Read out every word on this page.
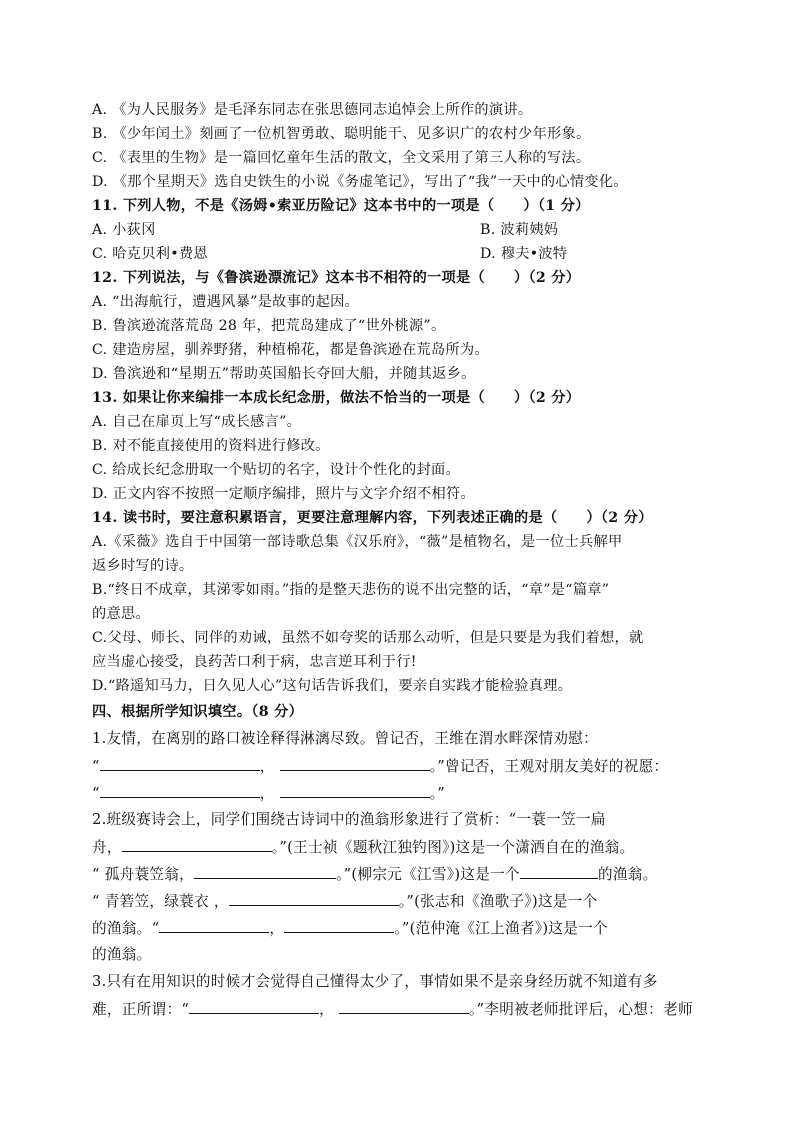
A. 《为人民服务》是毛泽东同志在张思德同志追悼会上所作的演讲。
B. 《少年闰土》刻画了一位机智勇敢、聪明能干、见多识广的农村少年形象。
C. 《表里的生物》是一篇回忆童年生活的散文，全文采用了第三人称的写法。
D. 《那个星期天》选自史铁生的小说《务虚笔记》，写出了“我”一天中的心情变化。
11. 下列人物，不是《汤姆•索亚历险记》这本书中的一项是（　　）（1 分）
A. 小荻冈	B. 波莉姨妈
C. 哈克贝利•费恩	D. 穆夫•波特
12. 下列说法，与《鲁滨逊漂流记》这本书不相符的一项是（　　）（2 分）
A. “出海航行，遭遇风暴”是故事的起因。
B. 鲁滨逊流落荒岛 28 年，把荒岛建成了“世外桃源”。
C. 建造房屋，驯养野猪，种植棉花，都是鲁滨逊在荒岛所为。
D. 鲁滨逊和“星期五”帮助英国船长夺回大船，并随其返乡。
13. 如果让你来编排一本成长纪念册，做法不恰当的一项是（　　）（2 分）
A. 自己在扉页上写“成长感言”。
B. 对不能直接使用的资料进行修改。
C. 给成长纪念册取一个贴切的名字，设计个性化的封面。
D. 正文内容不按照一定顺序编排，照片与文字介绍不相符。
14. 读书时，要注意积累语言，更要注意理解内容，下列表述正确的是（　　）（2 分）
A.《采薇》选自于中国第一部诗歌总集《汉乐府》，“薇”是植物名，是一位士兵解甲
返乡时写的诗。
B.“终日不成章，其涕零如雨。”指的是整天悲伤的说不出完整的话，“章”是“篇章”
的意思。
C.父母、师长、同伴的劝诫，虽然不如夸奖的话那么动听，但是只要是为我们着想，就
应当虚心接受，良药苦口利于病，忠言逆耳利于行!
D.“路遥知马力，日久见人心”这句话告诉我们，要亲自实践才能检验真理。
四、根据所学知识填空。（8 分）
1.友情，在离别的路口被诠释得淋漓尽致。曾记否，王维在渭水畔深情劝慰：
“	，	。”曾记否，王观对朋友美好的祝愿：
“	，	。”
2.班级赛诗会上，同学们围绕古诗词中的渔翁形象进行了赏析：“一蓑一笠一扁
舟，	。”(王士祯《题秋江独钓图》)这是一个潇洒自在的渔翁。
“ 孤舟蓑笠翁，	。”(柳宗元《江雪》)这是一个	的渔翁。
“ 青箬笠，绿蓑衣 ，	。”(张志和《渔歌子》)这是一个
的渔翁。“	，	。”(范仲淹《江上渔者》)这是一个
的渔翁。
3.只有在用知识的时候才会觉得自己懂得太少了，事情如果不是亲身经历就不知道有多
难，正所谓：“	，	。”李明被老师批评后，心想：老师
